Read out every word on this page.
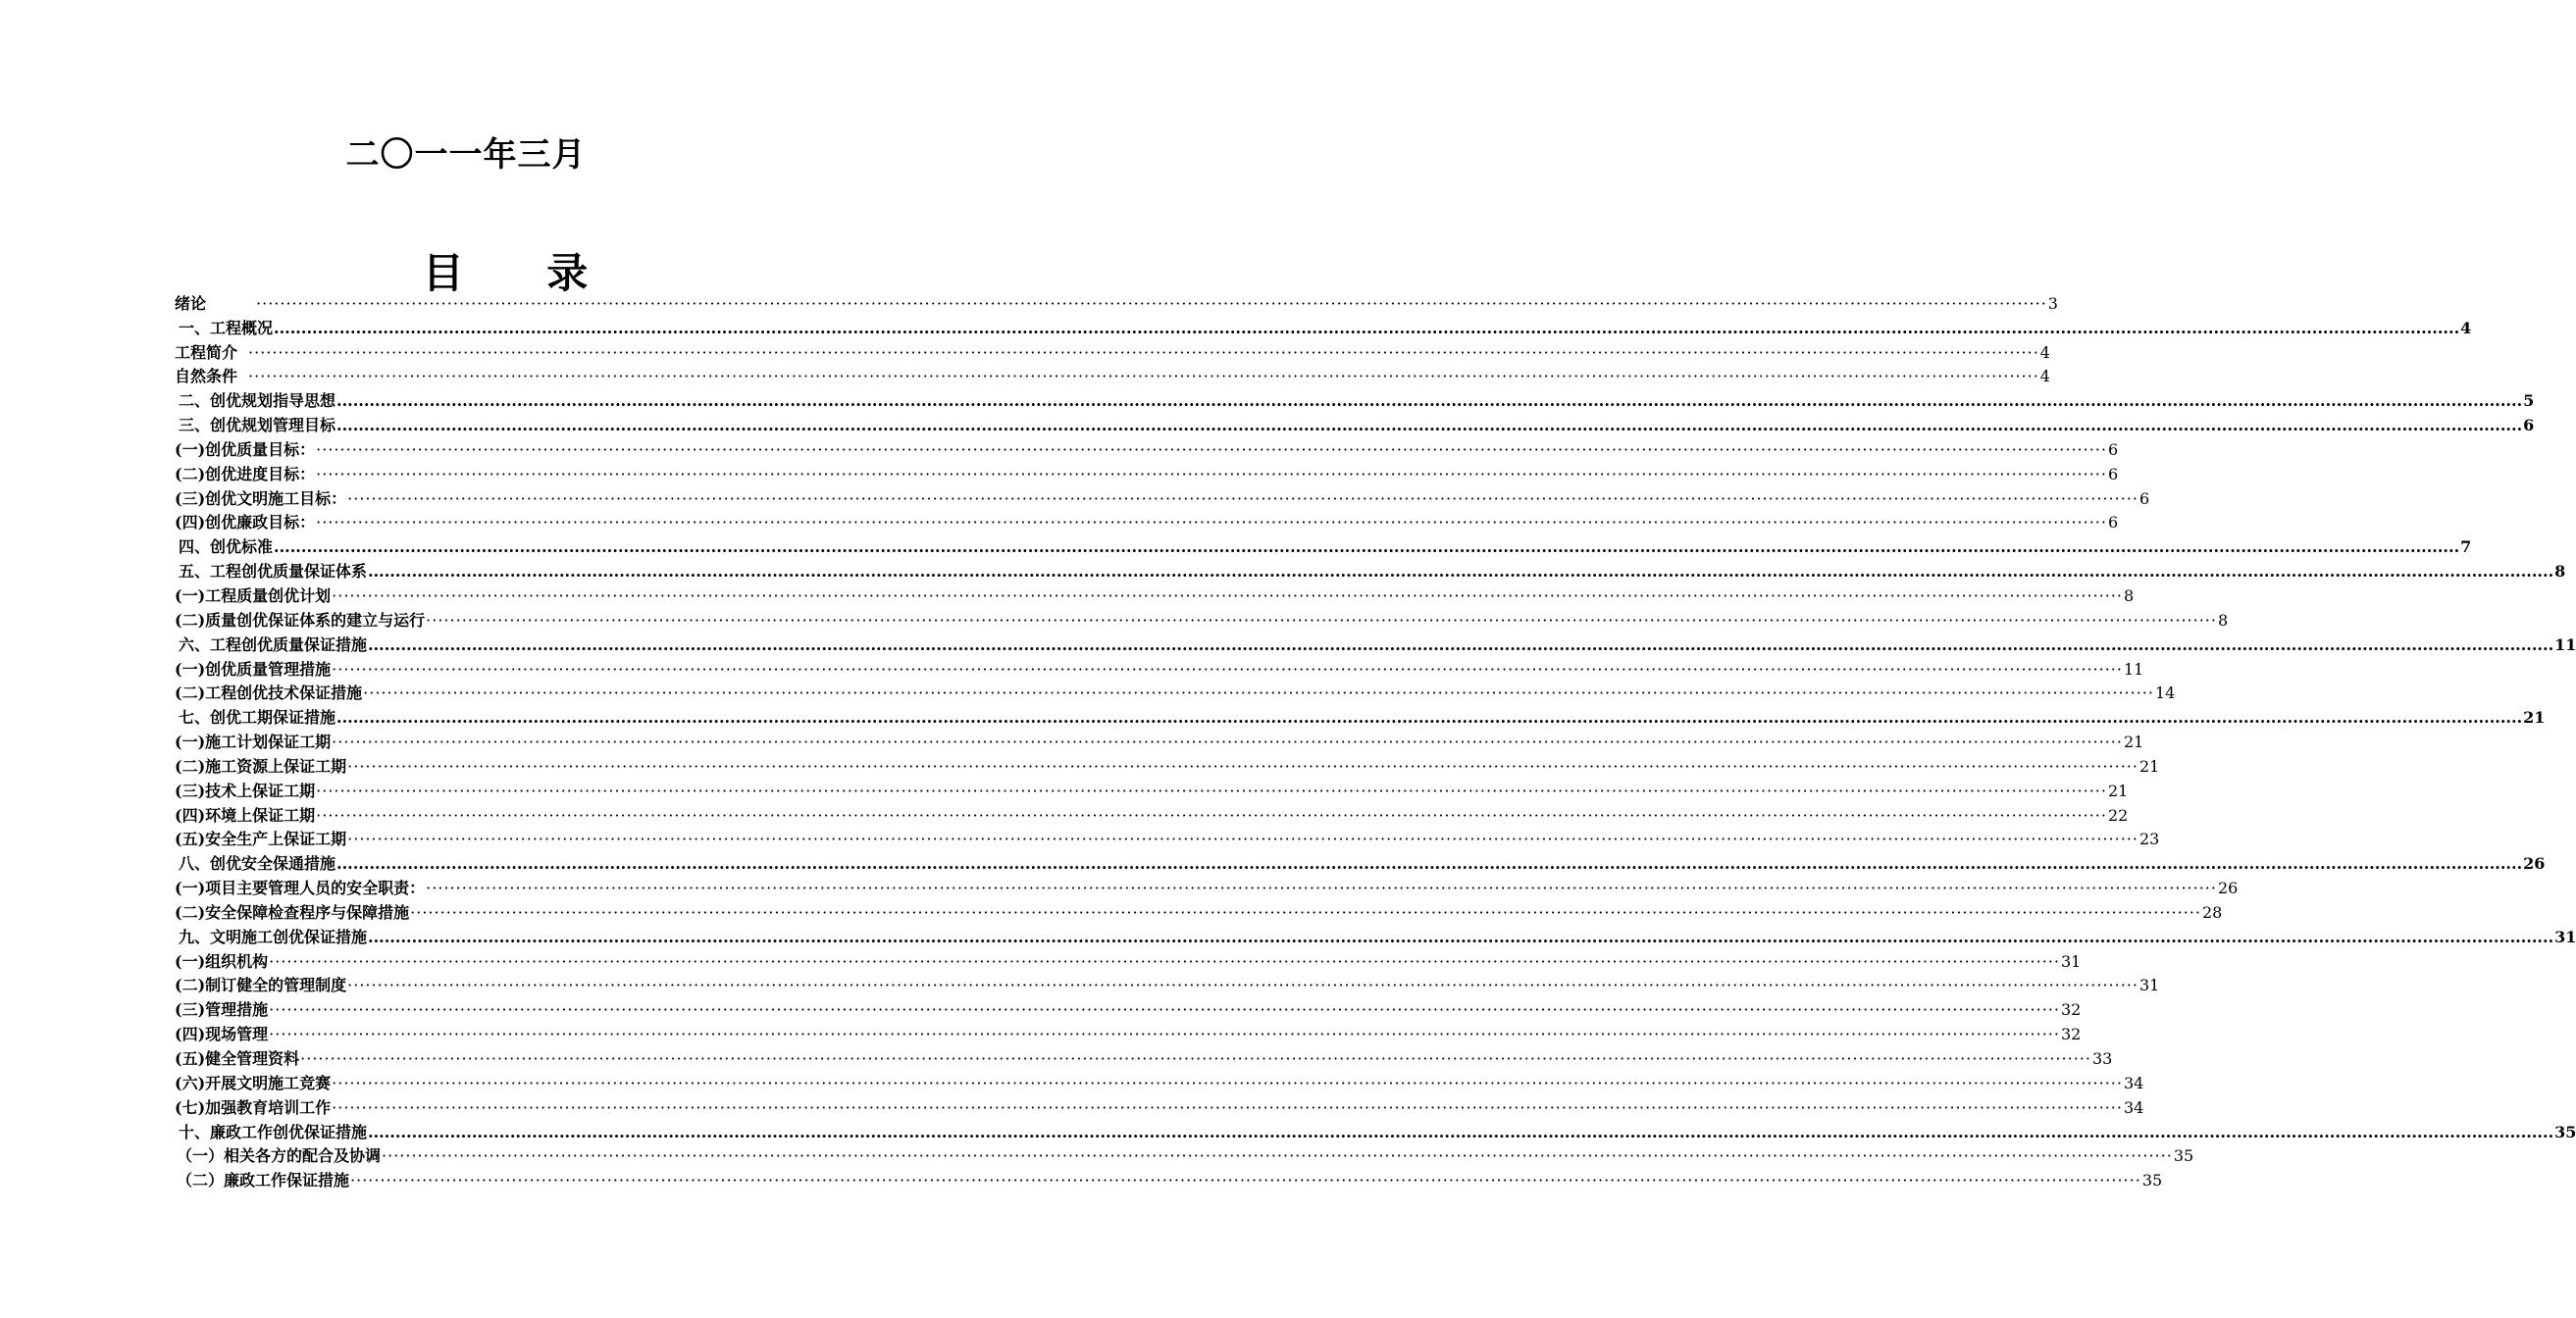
二〇一一年三月
目 录
绪论	············································································································································································································································································································ 3
一、工程概况 ................................................................................................................................................................................................................................................................................................................................................................................................................ 4
工程简介 ············································································································································································································································································································ 4
自然条件 ············································································································································································································································································································ 4
二、创优规划指导思想 ................................................................................................................................................................................................................................................................................................................................................................................................................ 5
三、创优规划管理目标 ................................................................................................................................................................................................................................................................................................................................................................................................................ 6
(一) 创优质量目标： ············································································································································································································································································································ 6
(二) 创优进度目标： ············································································································································································································································································································ 6
(三) 创优文明施工目标： ············································································································································································································································································································ 6
(四) 创优廉政目标： ············································································································································································································································································································ 6
四、创优标准 ................................................................................................................................................................................................................................................................................................................................................................................................................ 7
五、工程创优质量保证体系 ................................................................................................................................................................................................................................................................................................................................................................................................................ 8
(一) 工程质量创优计划 ············································································································································································································································································································ 8
(二) 质量创优保证体系的建立与运行 ············································································································································································································································································································ 8
六、工程创优质量保证措施 ................................................................................................................................................................................................................................................................................................................................................................................................................ 11
(一) 创优质量管理措施 ············································································································································································································································································································ 11
(二) 工程创优技术保证措施 ············································································································································································································································································································ 14
七、创优工期保证措施 ................................................................................................................................................................................................................................................................................................................................................................................................................ 21
(一) 施工计划保证工期 ············································································································································································································································································································ 21
(二) 施工资源上保证工期 ············································································································································································································································································································ 21
(三) 技术上保证工期 ············································································································································································································································································································ 21
(四) 环境上保证工期 ············································································································································································································································································································ 22
(五) 安全生产上保证工期 ············································································································································································································································································································ 23
八、创优安全保通措施 ................................................................................................................................................................................................................................................................................................................................................................................................................ 26
(一) 项目主要管理人员的安全职责： ············································································································································································································································································································ 26
(二) 安全保障检查程序与保障措施 ············································································································································································································································································································ 28
九、文明施工创优保证措施 ................................................................................................................................................................................................................................................................................................................................................................................................................ 31
(一) 组织机构 ············································································································································································································································································································ 31
(二) 制订健全的管理制度 ············································································································································································································································································································ 31
(三) 管理措施 ············································································································································································································································································································ 32
(四) 现场管理 ············································································································································································································································································································ 32
(五) 健全管理资料 ············································································································································································································································································································ 33
(六) 开展文明施工竞赛 ············································································································································································································································································································ 34
(七) 加强教育培训工作 ············································································································································································································································································································ 34
十、廉政工作创优保证措施 ................................................................................................................................................................................................................................................................................................................................................................................................................ 35
（一） 相关各方的配合及协调 ············································································································································································································································································································ 35
（二） 廉政工作保证措施 ············································································································································································································································································································ 35
